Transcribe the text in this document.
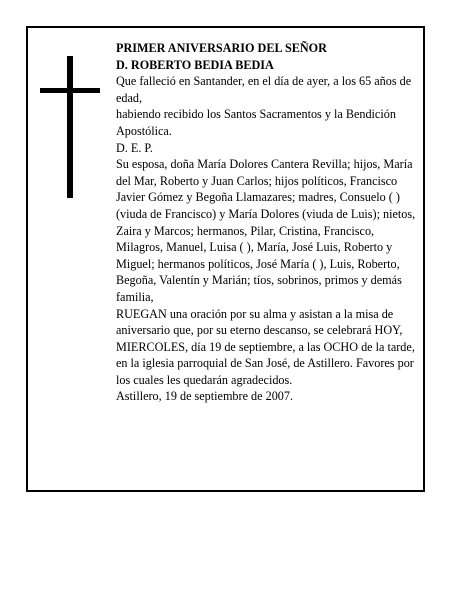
PRIMER ANIVERSARIO DEL SEÑOR

D. ROBERTO BEDIA BEDIA

Que falleció en Santander, en el día de ayer, a los 65 años de edad,

habiendo recibido los Santos Sacramentos y la Bendición Apostólica.

D. E. P.

Su esposa, doña María Dolores Cantera Revilla; hijos, María del Mar, Roberto y Juan Carlos; hijos políticos, Francisco Javier Gómez y Begoña Llamazares; madres, Consuelo ( ) (viuda de Francisco) y María Dolores (viuda de Luis); nietos, Zaira y Marcos; hermanos, Pilar, Cristina, Francisco, Milagros, Manuel, Luisa ( ), María, José Luis, Roberto y Miguel; hermanos políticos, José María ( ), Luis, Roberto, Begoña, Valentín y Marián; tíos, sobrinos, primos y demás familia,

RUEGAN una oración por su alma y asistan a la misa de aniversario que, por su eterno descanso, se celebrará HOY, MIERCOLES, día 19 de septiembre, a las OCHO de la tarde, en la iglesia parroquial de San José, de Astillero. Favores por los cuales les quedarán agradecidos.

Astillero, 19 de septiembre de 2007.
